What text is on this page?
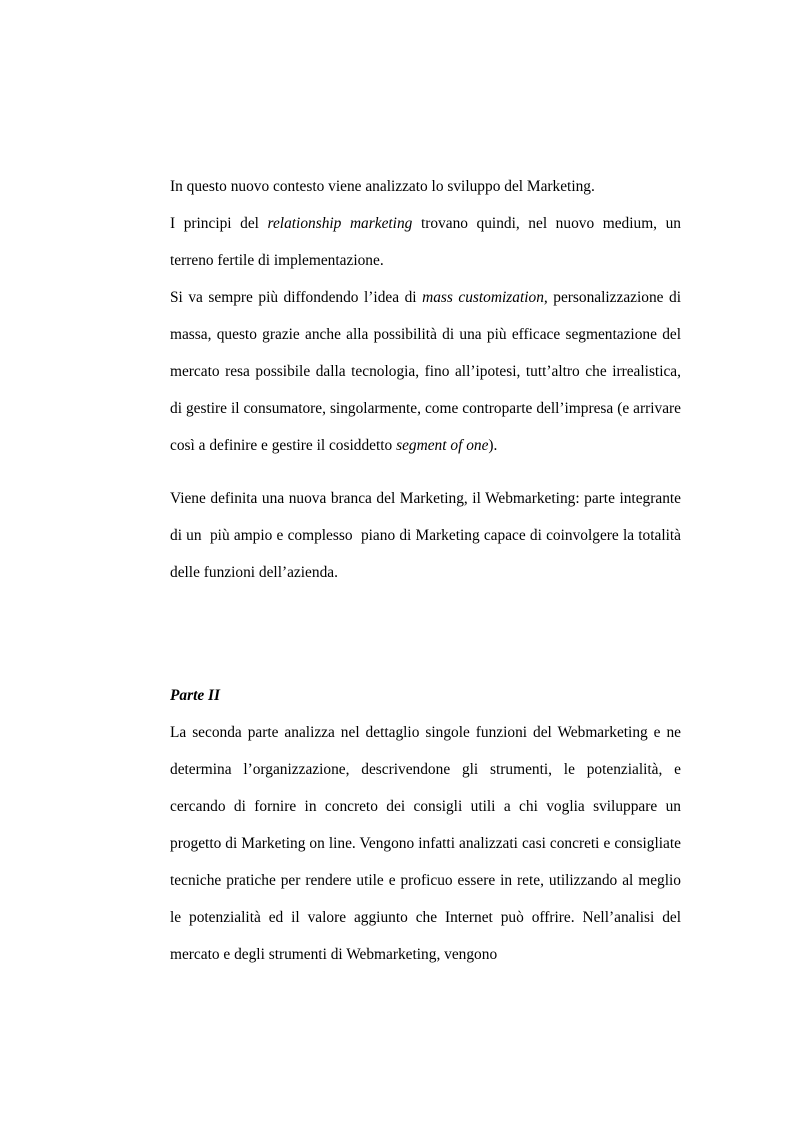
In questo nuovo contesto viene analizzato lo sviluppo del Marketing.

I principi del relationship marketing trovano quindi, nel nuovo medium, un terreno fertile di implementazione.

Si va sempre più diffondendo l’idea di mass customization, personalizzazione di massa, questo grazie anche alla possibilità di una più efficace segmentazione del mercato resa possibile dalla tecnologia, fino all’ipotesi, tutt’altro che irrealistica, di gestire il consumatore, singolarmente, come controparte dell’impresa (e arrivare così a definire e gestire il cosiddetto segment of one).

Viene definita una nuova branca del Marketing, il Webmarketing: parte integrante di un  più ampio e complesso  piano di Marketing capace di coinvolgere la totalità delle funzioni dell’azienda.

Parte II

La seconda parte analizza nel dettaglio singole funzioni del Webmarketing e ne determina l’organizzazione, descrivendone gli strumenti, le potenzialità, e cercando di fornire in concreto dei consigli utili a chi voglia sviluppare un progetto di Marketing on line. Vengono infatti analizzati casi concreti e consigliate tecniche pratiche per rendere utile e proficuo essere in rete, utilizzando al meglio le potenzialità ed il valore aggiunto che Internet può offrire. Nell’analisi del mercato e degli strumenti di Webmarketing, vengono
